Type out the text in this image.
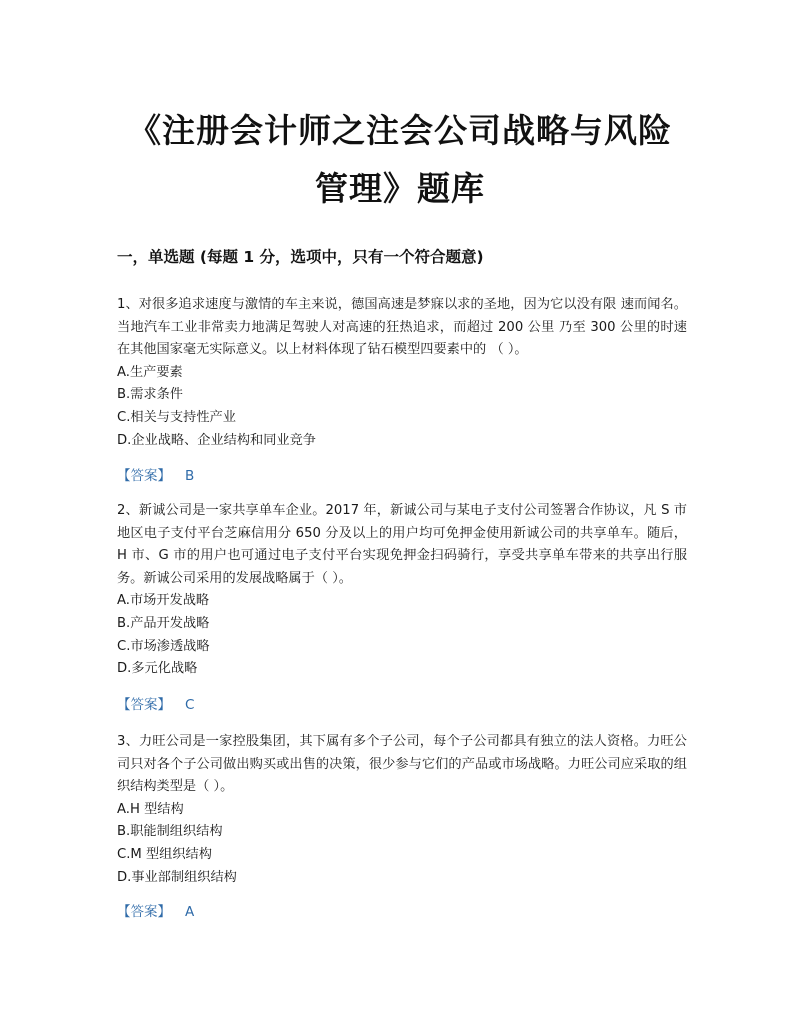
《注册会计师之注会公司战略与风险
管理》题库
一，单选题 (每题 1 分，选项中，只有一个符合题意)

1、对很多追求速度与激情的车主来说，德国高速是梦寐以求的圣地，因为它以没有限 速而闻名。当地汽车工业非常卖力地满足驾驶人对高速的狂热追求，而超过 200 公里 乃至 300 公里的时速在其他国家毫无实际意义。以上材料体现了钻石模型四要素中的 （ ）。

A.生产要素

B.需求条件

C.相关与支持性产业

D.企业战略、企业结构和同业竞争

【答案】 B

2、新诚公司是一家共享单车企业。2017 年，新诚公司与某电子支付公司签署合作协议，凡 S 市地区电子支付平台芝麻信用分 650 分及以上的用户均可免押金使用新诚公司的共享单车。随后，H 市、G 市的用户也可通过电子支付平台实现免押金扫码骑行，享受共享单车带来的共享出行服务。新诚公司采用的发展战略属于（ ）。

A.市场开发战略

B.产品开发战略

C.市场渗透战略

D.多元化战略

【答案】 C

3、力旺公司是一家控股集团，其下属有多个子公司，每个子公司都具有独立的法人资格。力旺公司只对各个子公司做出购买或出售的决策，很少参与它们的产品或市场战略。力旺公司应采取的组织结构类型是（ ）。

A.H 型结构

B.职能制组织结构

C.M 型组织结构

D.事业部制组织结构

【答案】 A
